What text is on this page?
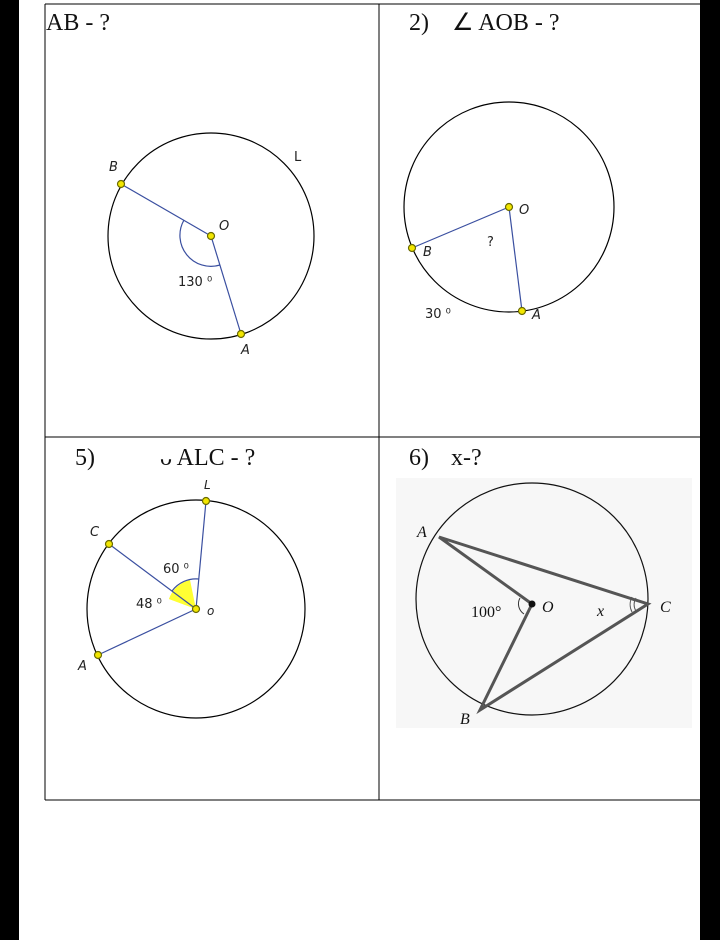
AB - ?
B
O
A
L
130 ⁰
2) ∠ AOB - ?
O
B
A
?
30 ⁰
5)	ᴗ ALC - ?
L
C
o
A
60 ⁰
48 ⁰
6) x-?
A
O	C
B
100°	x
